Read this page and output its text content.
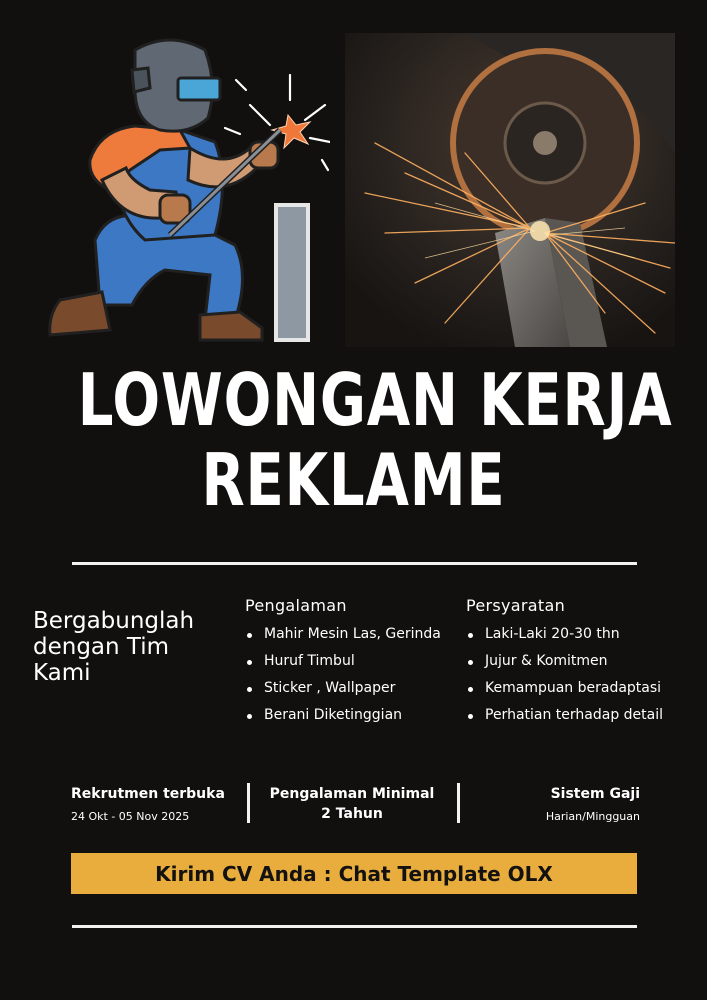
LOWONGAN KERJA
REKLAME
Bergabunglah dengan Tim Kami
Pengalaman
Mahir Mesin Las, Gerinda
Huruf Timbul
Sticker , Wallpaper
Berani Diketinggian
Persyaratan
Laki-Laki 20-30 thn
Jujur & Komitmen
Kemampuan beradaptasi
Perhatian terhadap detail
Rekrutmen terbuka
24 Okt - 05 Nov 2025
Pengalaman Minimal
2 Tahun
Sistem Gaji
Harian/Mingguan
Kirim CV Anda : Chat Template OLX
